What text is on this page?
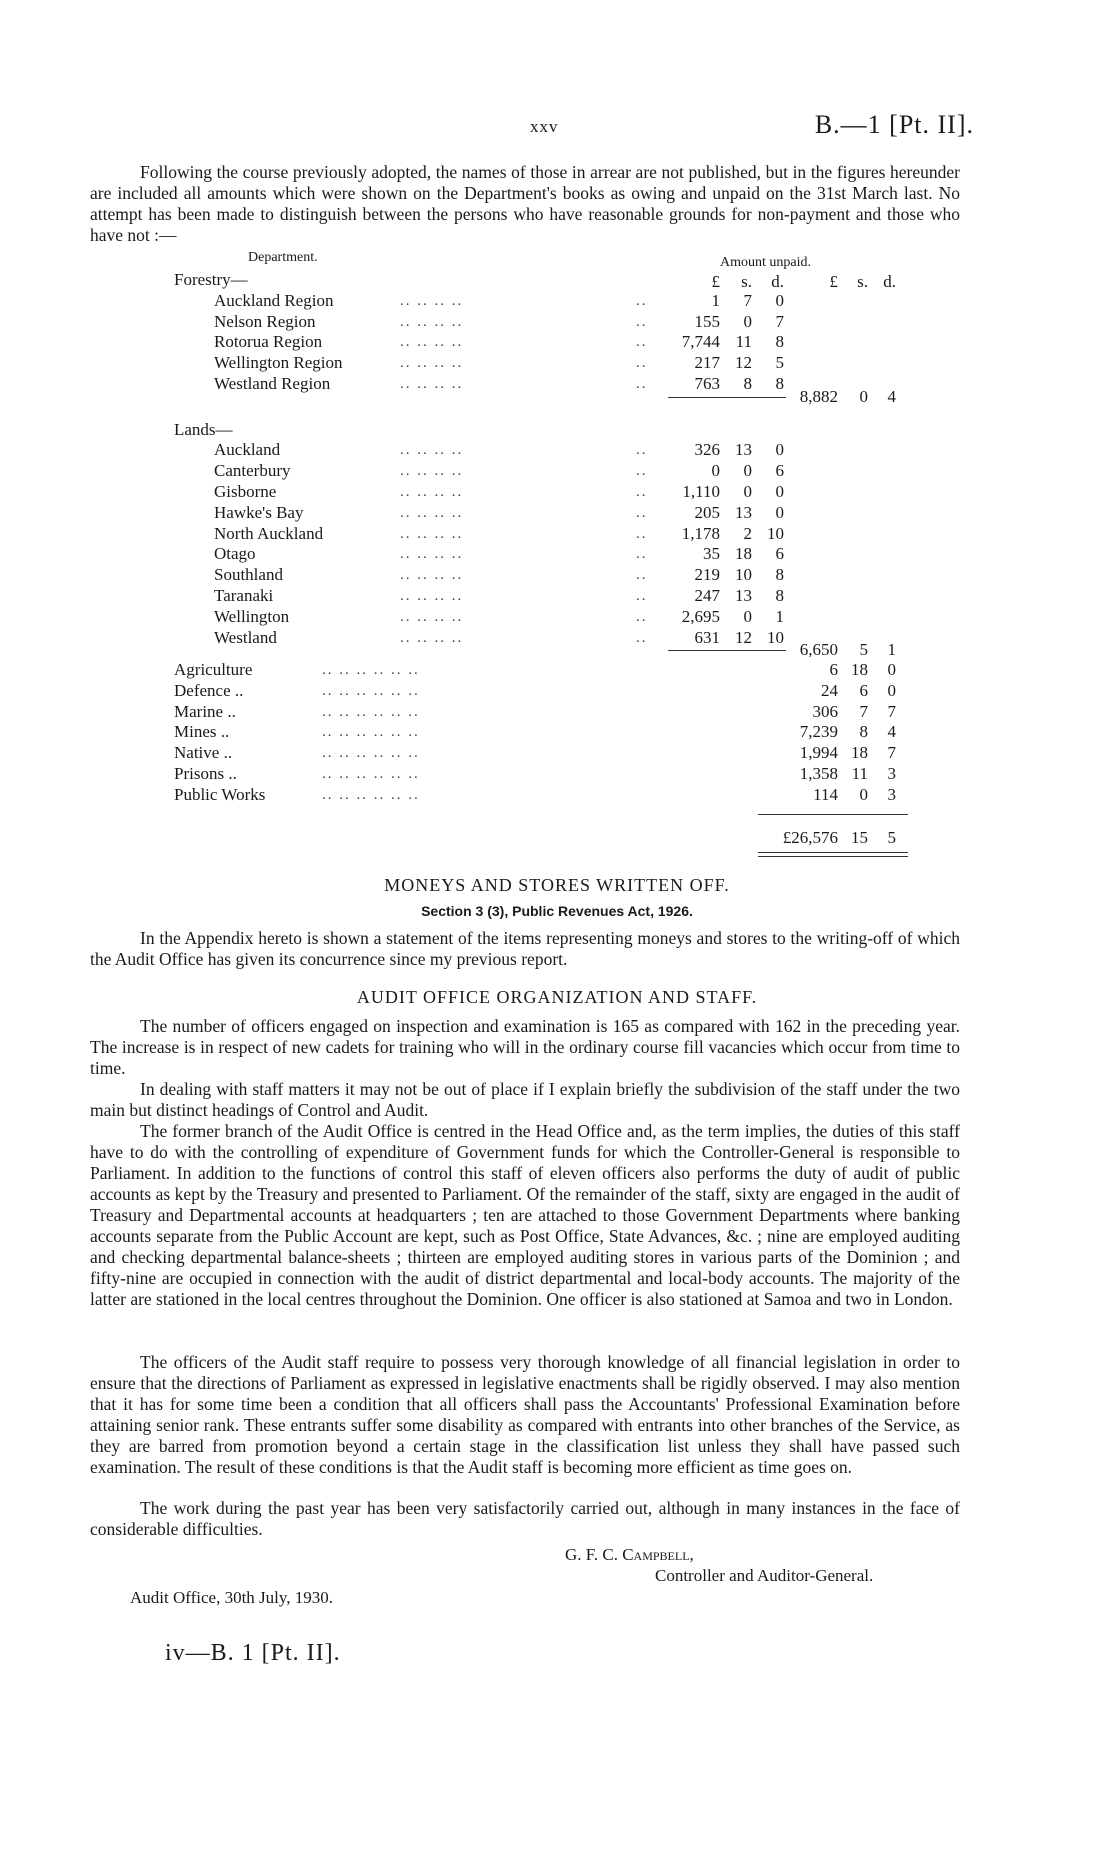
xxv	B.—1 [Pt. II].
Following the course previously adopted, the names of those in arrear are not published, but in the figures hereunder are included all amounts which were shown on the Department's books as owing and unpaid on the 31st March last. No attempt has been made to distinguish between the persons who have reasonable grounds for non-payment and those who have not :—
Department.	Amount unpaid.
£ s. d.	£ s. d.
Forestry—
Auckland Region	.. .. .. ..	..	1 7 0
Nelson Region	.. .. .. ..	..	155 0 7
Rotorua Region	.. .. .. ..	.. 7,744 11 8
Wellington Region	.. .. .. ..	..	217 12 5
Westland Region	.. .. .. ..	..	763 8 8
8,882 0 4
Lands—
Auckland	.. .. .. ..	..	326 13 0
Canterbury	.. .. .. ..	..	0 0 6
Gisborne	.. .. .. ..	.. 1,110 0 0
Hawke's Bay	.. .. .. ..	..	205 13 0
North Auckland	.. .. .. ..	.. 1,178 2 10
Otago	.. .. .. ..	..	35 18 6
Southland	.. .. .. ..	..	219 10 8
Taranaki	.. .. .. ..	..	247 13 8
Wellington	.. .. .. ..	.. 2,695 0 1
Westland	.. .. .. ..	..	631 12 10
6,650 5 1
Agriculture	.. .. .. .. .. ..	6 18 0
Defence ..	.. .. .. .. .. ..	24 6 0
Marine ..	.. .. .. .. .. ..	306 7 7
Mines ..	.. .. .. .. .. ..	7,239 8 4
Native ..	.. .. .. .. .. ..	1,994 18 7
Prisons ..	.. .. .. .. .. ..	1,358 11 3
Public Works	.. .. .. .. .. ..	114 0 3
£26,576 15 5
MONEYS AND STORES WRITTEN OFF.
Section 3 (3), Public Revenues Act, 1926.
In the Appendix hereto is shown a statement of the items representing moneys and stores to the writing-off of which the Audit Office has given its concurrence since my previous report.
AUDIT OFFICE ORGANIZATION AND STAFF.
The number of officers engaged on inspection and examination is 165 as compared with 162 in the preceding year. The increase is in respect of new cadets for training who will in the ordinary course fill vacancies which occur from time to time.
In dealing with staff matters it may not be out of place if I explain briefly the subdivision of the staff under the two main but distinct headings of Control and Audit.
The former branch of the Audit Office is centred in the Head Office and, as the term implies, the duties of this staff have to do with the controlling of expenditure of Government funds for which the Controller-General is responsible to Parliament. In addition to the functions of control this staff of eleven officers also performs the duty of audit of public accounts as kept by the Treasury and presented to Parliament. Of the remainder of the staff, sixty are engaged in the audit of Treasury and Departmental accounts at headquarters ; ten are attached to those Government Departments where banking accounts separate from the Public Account are kept, such as Post Office, State Advances, &c. ; nine are employed auditing and checking departmental balance-sheets ; thirteen are employed auditing stores in various parts of the Dominion ; and fifty-nine are occupied in connection with the audit of district departmental and local-body accounts. The majority of the latter are stationed in the local centres throughout the Dominion. One officer is also stationed at Samoa and two in London.
The officers of the Audit staff require to possess very thorough knowledge of all financial legislation in order to ensure that the directions of Parliament as expressed in legislative enactments shall be rigidly observed. I may also mention that it has for some time been a condition that all officers shall pass the Accountants' Professional Examination before attaining senior rank. These entrants suffer some disability as compared with entrants into other branches of the Service, as they are barred from promotion beyond a certain stage in the classification list unless they shall have passed such examination. The result of these conditions is that the Audit staff is becoming more efficient as time goes on.
The work during the past year has been very satisfactorily carried out, although in many instances in the face of considerable difficulties.
G. F. C. Campbell,
Controller and Auditor-General.
Audit Office, 30th July, 1930.
iv—B. 1 [Pt. II].
